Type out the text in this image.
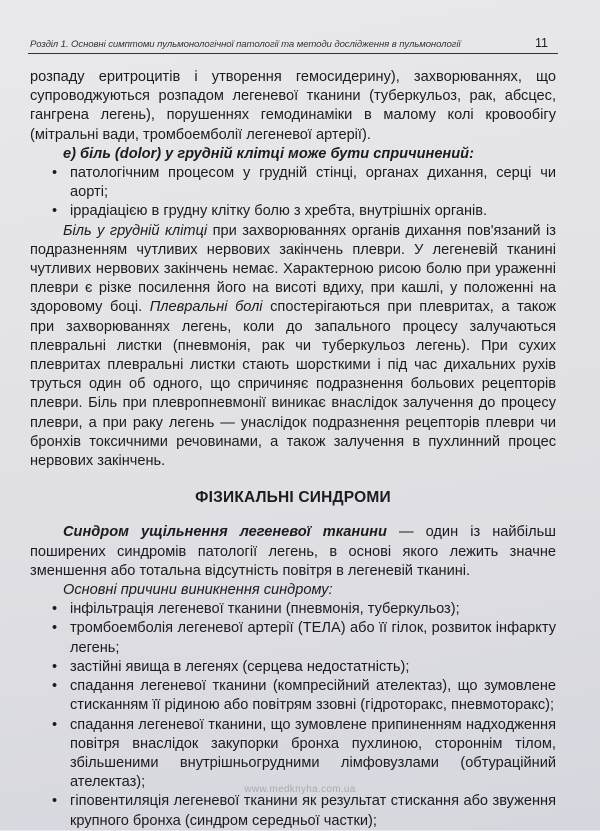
Розділ 1. Основні симптоми пульмонологічної патології та методи дослідження в пульмонології	11

розпаду еритроцитів і утворення гемосидерину), захворюваннях, що супроводжуються розпадом легеневої тканини (туберкульоз, рак, абсцес, гангрена легень), порушеннях гемодинаміки в малому колі кровообігу (мітральні вади, тромбоемболії легеневої артерії).

е) біль (dolor) у грудній клітці може бути спричинений:
• патологічним процесом у грудній стінці, органах дихання, серці чи аорті;
• іррадіацією в грудну клітку болю з хребта, внутрішніх органів.

Біль у грудній клітці при захворюваннях органів дихання пов'язаний із подразненням чутливих нервових закінчень плеври. У легеневій тканині чутливих нервових закінчень немає. Характерною рисою болю при ураженні плеври є різке посилення його на висоті вдиху, при кашлі, у положенні на здоровому боці. Плевральні болі спостерігаються при плевритах, а також при захворюваннях легень, коли до запального процесу залучаються плевральні листки (пневмонія, рак чи туберкульоз легень). При сухих плевритах плевральні листки стають шорсткими і під час дихальних рухів труться один об одного, що спричиняє подразнення больових рецепторів плеври. Біль при плевропневмонії виникає внаслідок залучення до процесу плеври, а при раку легень — унаслідок подразнення рецепторів плеври чи бронхів токсичними речовинами, а також залучення в пухлинний процес нервових закінчень.

ФІЗИКАЛЬНІ СИНДРОМИ

Синдром ущільнення легеневої тканини — один із найбільш поширених синдромів патології легень, в основі якого лежить значне зменшення або тотальна відсутність повітря в легеневій тканині.

Основні причини виникнення синдрому:

• інфільтрація легеневої тканини (пневмонія, туберкульоз);
• тромбоемболія легеневої артерії (ТЕЛА) або її гілок, розвиток інфаркту легень;
• застійні явища в легенях (серцева недостатність);
• спадання легеневої тканини (компресійний ателектаз), що зумовлене стисканням її рідиною або повітрям ззовні (гідроторакс, пневмоторакс);
• спадання легеневої тканини, що зумовлене припиненням надходження повітря внаслідок закупорки бронха пухлиною, стороннім тілом, збільшеними внутрішньогрудними лімфовузлами (обтураційний ателектаз);
• гіповентиляція легеневої тканини як результат стискання або звуження крупного бронха (синдром середньої частки);
www.medknyha.com.ua
